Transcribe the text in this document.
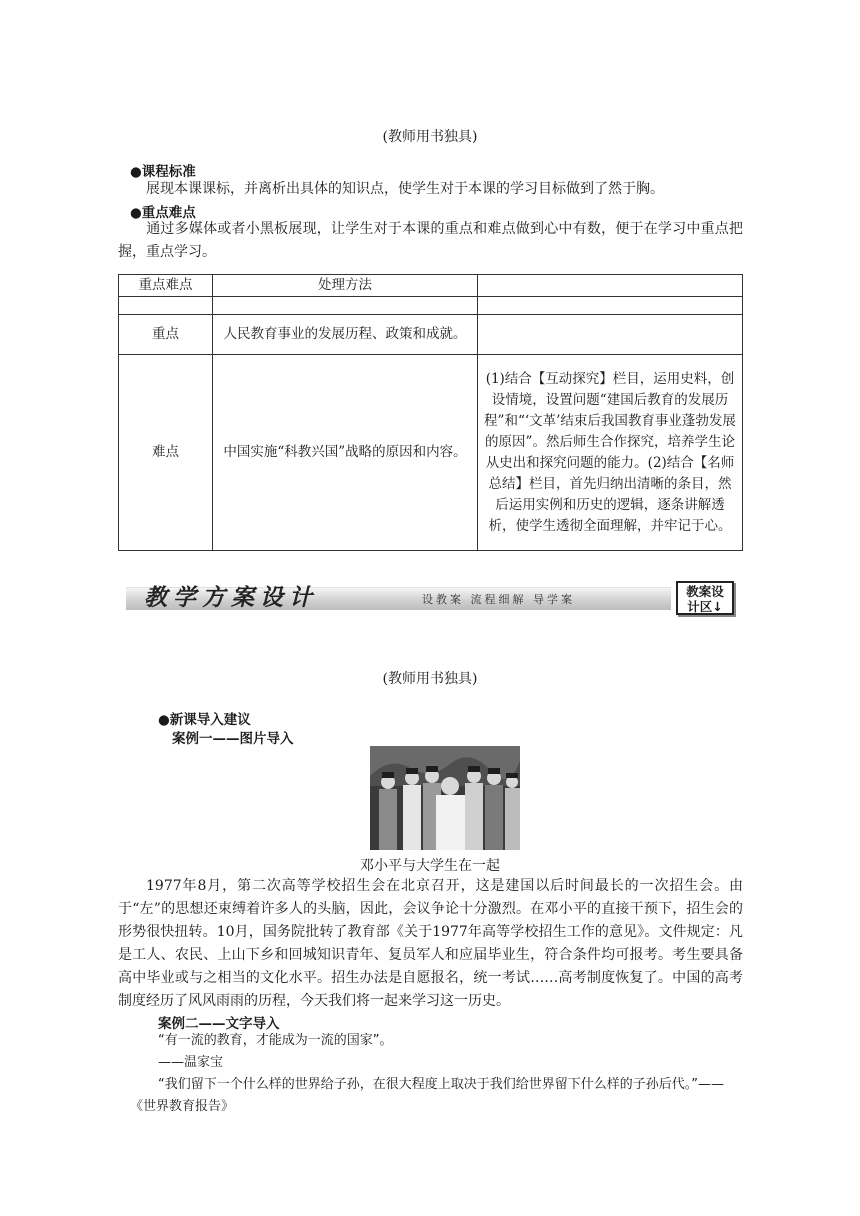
(教师用书独具)
●课程标准
展现本课课标，并离析出具体的知识点，使学生对于本课的学习目标做到了然于胸。
●重点难点
通过多媒体或者小黑板展现，让学生对于本课的重点和难点做到心中有数，便于在学习中重点把握，重点学习。
重点难点	处理方法	

重点	人民教育事业的发展历程、政策和成就。	
难点	中国实施“科教兴国”战略的原因和内容。	(1)结合【互动探究】栏目，运用史料，创设情境，设置问题“建国后教育的发展历程”和“‘文革’结束后我国教育事业蓬勃发展的原因”。然后师生合作探究，培养学生论从史出和探究问题的能力。(2)结合【名师总结】栏目，首先归纳出清晰的条目，然后运用实例和历史的逻辑，逐条讲解透析，使学生透彻全面理解，并牢记于心。
教学方案设计	设教案 流程细解 导学案
教案设
计区↓
(教师用书独具)
●新课导入建议
案例一——图片导入
邓小平与大学生在一起
1977年8月，第二次高等学校招生会在北京召开，这是建国以后时间最长的一次招生会。由于“左”的思想还束缚着许多人的头脑，因此，会议争论十分激烈。在邓小平的直接干预下，招生会的形势很快扭转。10月，国务院批转了教育部《关于1977年高等学校招生工作的意见》。文件规定：凡是工人、农民、上山下乡和回城知识青年、复员军人和应届毕业生，符合条件均可报考。考生要具备高中毕业或与之相当的文化水平。招生办法是自愿报名，统一考试……高考制度恢复了。中国的高考制度经历了风风雨雨的历程，今天我们将一起来学习这一历史。
案例二——文字导入
“有一流的教育，才能成为一流的国家”。
——温家宝
“我们留下一个什么样的世界给子孙，在很大程度上取决于我们给世界留下什么样的子孙后代。”——《世界教育报告》
